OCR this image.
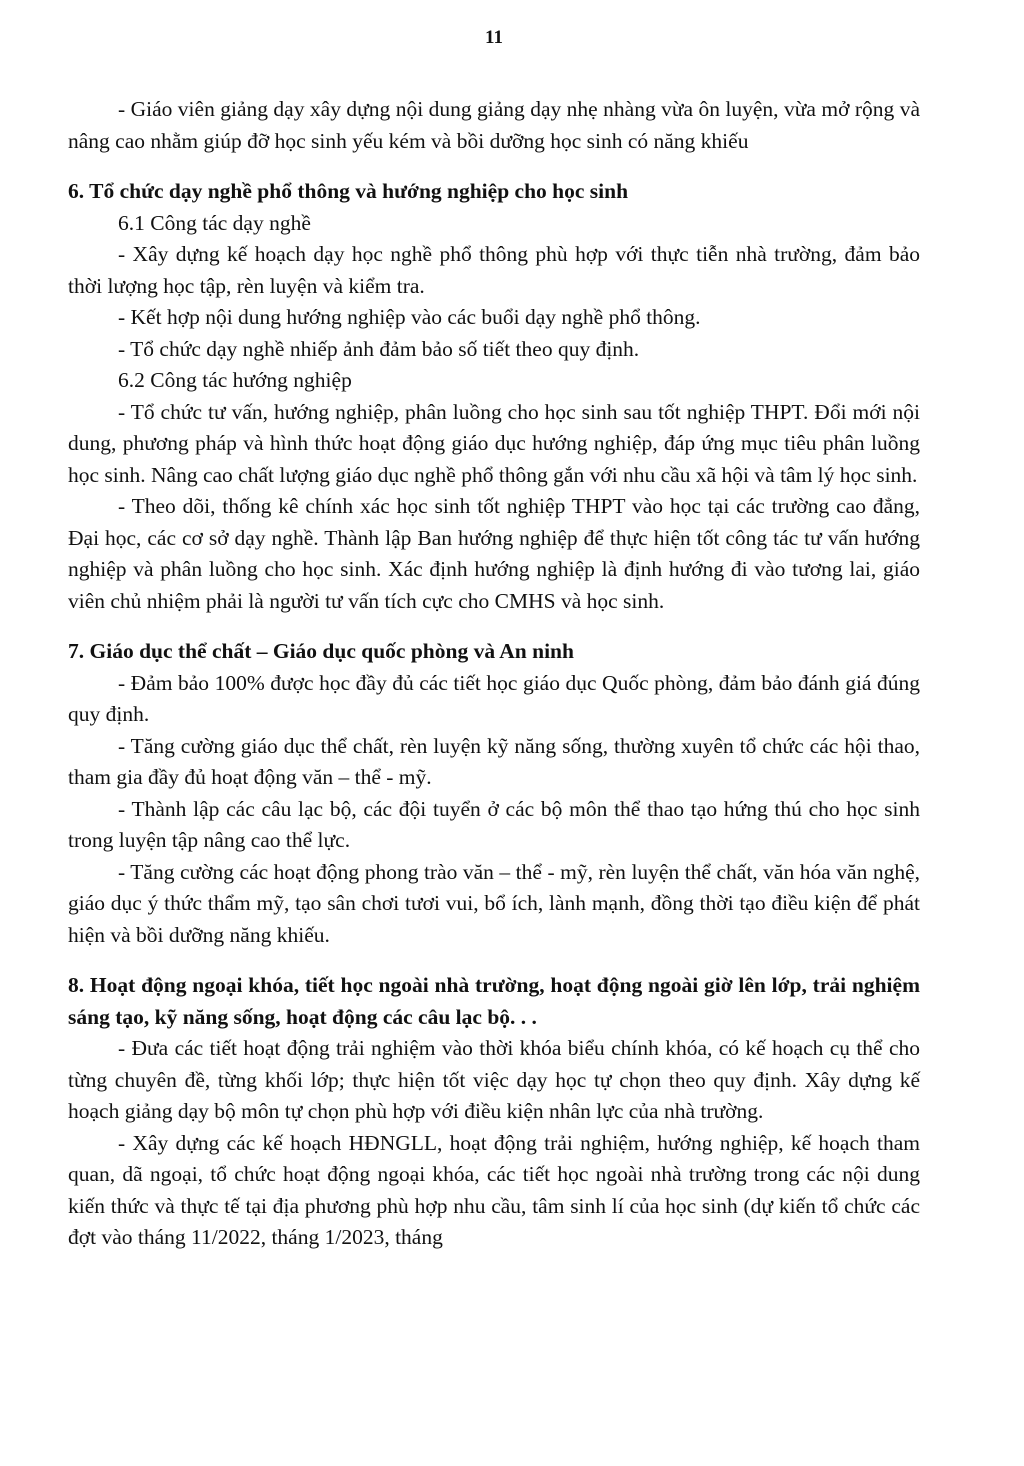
11

- Giáo viên giảng dạy xây dựng nội dung giảng dạy nhẹ nhàng vừa ôn luyện, vừa mở rộng và nâng cao nhằm giúp đỡ học sinh yếu kém và bồi dưỡng học sinh có năng khiếu

6. Tổ chức dạy nghề phổ thông và hướng nghiệp cho học sinh

6.1 Công tác dạy nghề

- Xây dựng kế hoạch dạy học nghề phổ thông phù hợp với thực tiễn nhà trường, đảm bảo thời lượng học tập, rèn luyện và kiểm tra.

- Kết hợp nội dung hướng nghiệp vào các buổi dạy nghề phổ thông.

- Tổ chức dạy nghề nhiếp ảnh đảm bảo số tiết theo quy định.

6.2 Công tác hướng nghiệp

- Tổ chức tư vấn, hướng nghiệp, phân luồng cho học sinh sau tốt nghiệp THPT. Đổi mới nội dung, phương pháp và hình thức hoạt động giáo dục hướng nghiệp, đáp ứng mục tiêu phân luồng học sinh. Nâng cao chất lượng giáo dục nghề phổ thông gắn với nhu cầu xã hội và tâm lý học sinh.

- Theo dõi, thống kê chính xác học sinh tốt nghiệp THPT vào học tại các trường cao đẳng, Đại học, các cơ sở dạy nghề. Thành lập Ban hướng nghiệp để thực hiện tốt công tác tư vấn hướng nghiệp và phân luồng cho học sinh. Xác định hướng nghiệp là định hướng đi vào tương lai, giáo viên chủ nhiệm phải là người tư vấn tích cực cho CMHS và học sinh.

7. Giáo dục thể chất – Giáo dục quốc phòng và An ninh

- Đảm bảo 100% được học đầy đủ các tiết học giáo dục Quốc phòng, đảm bảo đánh giá đúng quy định.

- Tăng cường giáo dục thể chất, rèn luyện kỹ năng sống, thường xuyên tổ chức các hội thao, tham gia đầy đủ hoạt động văn – thể - mỹ.

- Thành lập các câu lạc bộ, các đội tuyển ở các bộ môn thể thao tạo hứng thú cho học sinh trong luyện tập nâng cao thể lực.

- Tăng cường các hoạt động phong trào văn – thể - mỹ, rèn luyện thể chất, văn hóa văn nghệ, giáo dục ý thức thẩm mỹ, tạo sân chơi tươi vui, bổ ích, lành mạnh, đồng thời tạo điều kiện để phát hiện và bồi dưỡng năng khiếu.

8. Hoạt động ngoại khóa, tiết học ngoài nhà trường, hoạt động ngoài giờ lên lớp, trải nghiệm sáng tạo, kỹ năng sống, hoạt động các câu lạc bộ. . .

- Đưa các tiết hoạt động trải nghiệm vào thời khóa biểu chính khóa, có kế hoạch cụ thể cho từng chuyên đề, từng khối lớp; thực hiện tốt việc dạy học tự chọn theo quy định. Xây dựng kế hoạch giảng dạy bộ môn tự chọn phù hợp với điều kiện nhân lực của nhà trường.

- Xây dựng các kế hoạch HĐNGLL, hoạt động trải nghiệm, hướng nghiệp, kế hoạch tham quan, dã ngoại, tổ chức hoạt động ngoại khóa, các tiết học ngoài nhà trường trong các nội dung kiến thức và thực tế tại địa phương phù hợp nhu cầu, tâm sinh lí của học sinh (dự kiến tổ chức các đợt vào tháng 11/2022, tháng 1/2023, tháng
